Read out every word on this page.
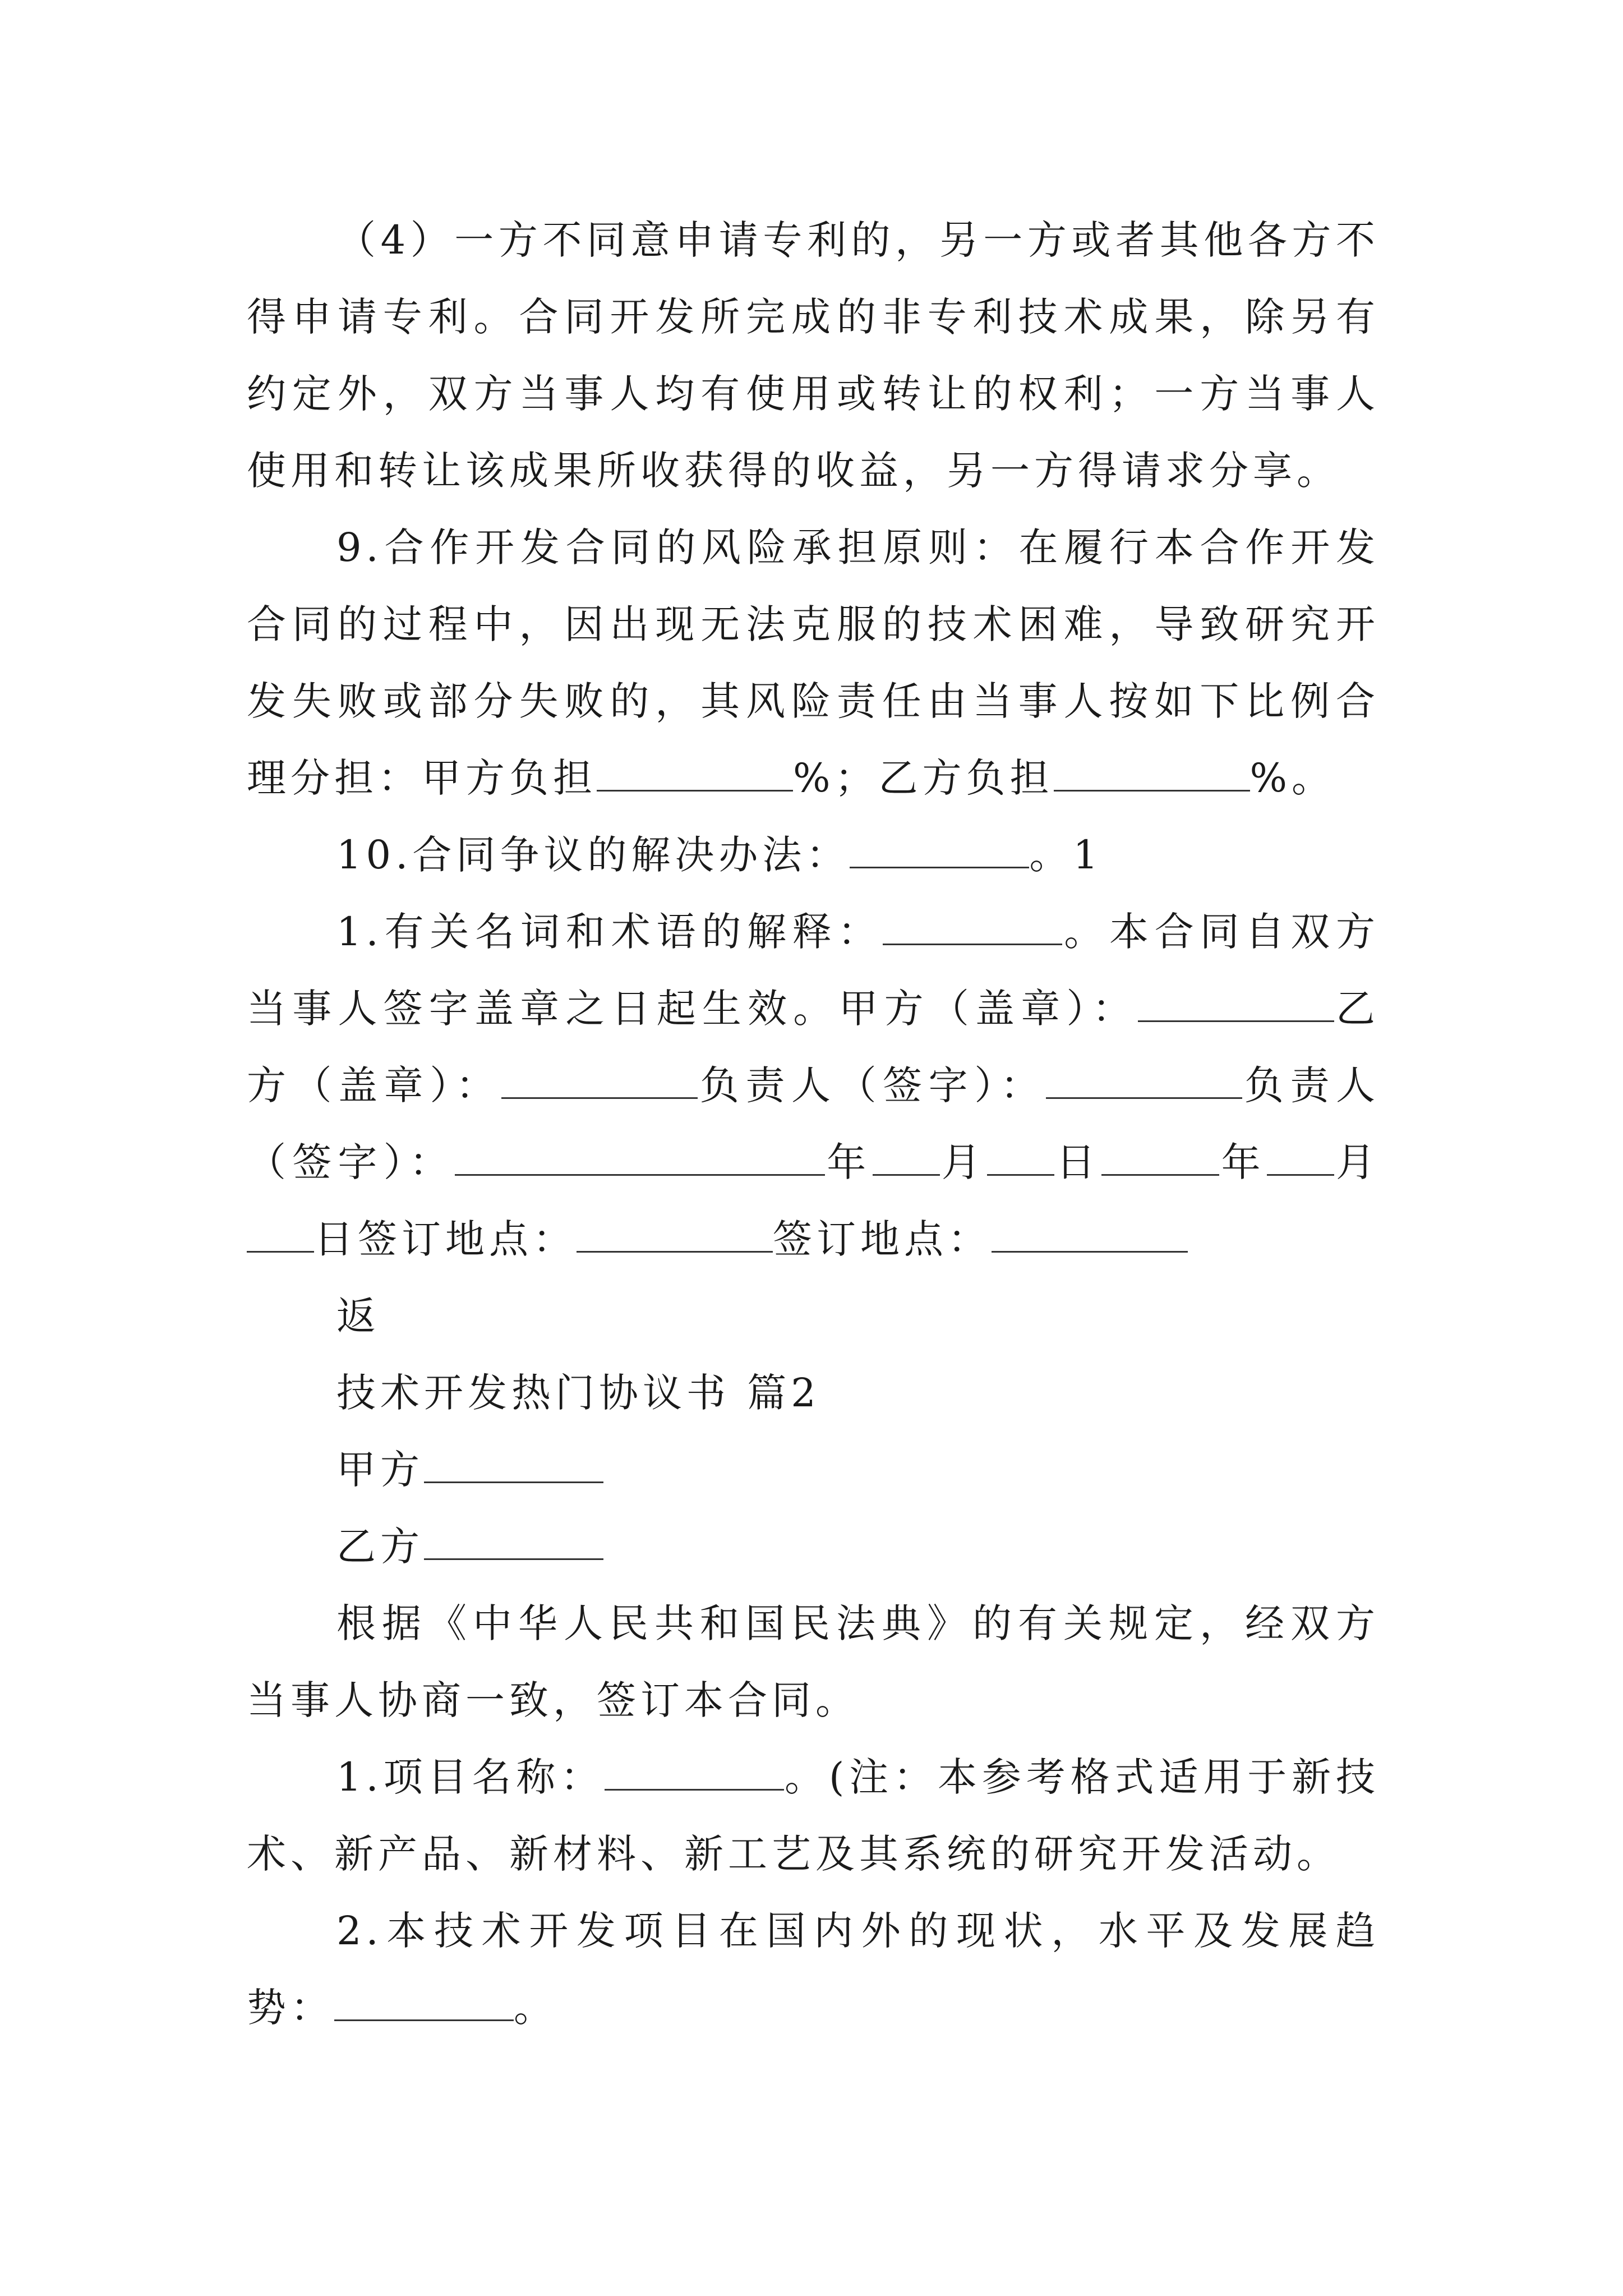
（4）一方不同意申请专利的，另一方或者其他各方不得申请专利。合同开发所完成的非专利技术成果，除另有约定外，双方当事人均有使用或转让的权利；一方当事人使用和转让该成果所收获得的收益，另一方得请求分享。

9.合作开发合同的风险承担原则：在履行本合作开发合同的过程中，因出现无法克服的技术困难，导致研究开发失败或部分失败的，其风险责任由当事人按如下比例合理分担：甲方负担	%；乙方负担	%。

10.合同争议的解决办法：	。1

1.有关名词和术语的解释：	。本合同自双方当事人签字盖章之日起生效。甲方（盖章）：	乙方（盖章）：	负责人（签字）：	负责人（签字）：	年 月 日	年 月日签订地点：	签订地点：

返

技术开发热门协议书 篇2

甲方

乙方

根据《中华人民共和国民法典》的有关规定，经双方当事人协商一致，签订本合同。

1.项目名称：	。(注：本参考格式适用于新技术、新产品、新材料、新工艺及其系统的研究开发活动。

2.本技术开发项目在国内外的现状，水平及发展趋势：	。
